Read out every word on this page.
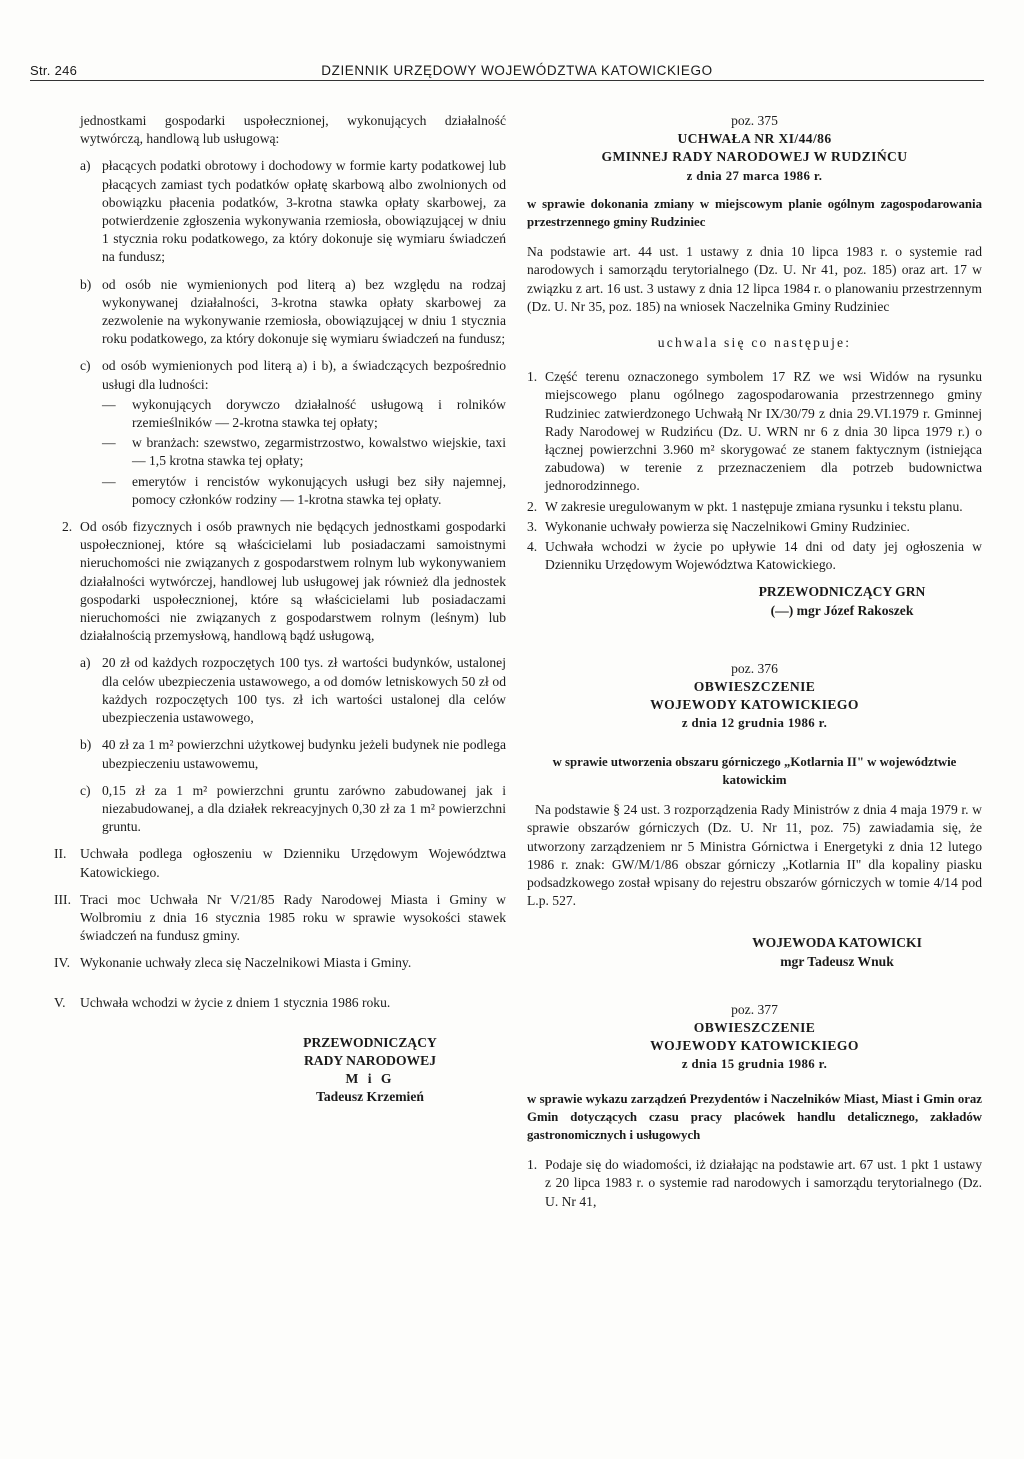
Str. 246	DZIENNIK URZĘDOWY WOJEWÓDZTWA KATOWICKIEGO

jednostkami gospodarki uspołecznionej, wykonujących działalność wytwórczą, handlową lub usługową:

a) płacących podatki obrotowy i dochodowy w formie karty podatkowej lub płacących zamiast tych podatków opłatę skarbową albo zwolnionych od obowiązku płacenia podatków, 3-krotna stawka opłaty skarbowej, za potwierdzenie zgłoszenia wykonywania rzemiosła, obowiązującej w dniu 1 stycznia roku podatkowego, za który dokonuje się wymiaru świadczeń na fundusz;
b) od osób nie wymienionych pod literą a) bez względu na rodzaj wykonywanej działalności, 3-krotna stawka opłaty skarbowej za zezwolenie na wykonywanie rzemiosła, obowiązującej w dniu 1 stycznia roku podatkowego, za który dokonuje się wymiaru świadczeń na fundusz;
c) od osób wymienionych pod literą a) i b), a świadczących bezpośrednio usługi dla ludności:
—	wykonujących dorywczo działalność usługową i rolników rzemieślników — 2-krotna stawka tej opłaty;
—	w branżach: szewstwo, zegarmistrzostwo, kowalstwo wiejskie, taxi — 1,5 krotna stawka tej opłaty;
—	emerytów i rencistów wykonujących usługi bez siły najemnej, pomocy członków rodziny — 1-krotna stawka tej opłaty.
2. Od osób fizycznych i osób prawnych nie będących jednostkami gospodarki uspołecznionej, które są właścicielami lub posiadaczami samoistnymi nieruchomości nie związanych z gospodarstwem rolnym lub wykonywaniem działalności wytwórczej, handlowej lub usługowej jak również dla jednostek gospodarki uspołecznionej, które są właścicielami lub posiadaczami nieruchomości nie związanych z gospodarstwem rolnym (leśnym) lub działalnością przemysłową, handlową bądź usługową,
a) 20 zł od każdych rozpoczętych 100 tys. zł wartości budynków, ustalonej dla celów ubezpieczenia ustawowego, a od domów letniskowych 50 zł od każdych rozpoczętych 100 tys. zł ich wartości ustalonej dla celów ubezpieczenia ustawowego,
b) 40 zł za 1 m² powierzchni użytkowej budynku jeżeli budynek nie podlega ubezpieczeniu ustawowemu,
c) 0,15 zł za 1 m² powierzchni gruntu zarówno zabudowanej jak i niezabudowanej, a dla działek rekreacyjnych 0,30 zł za 1 m² powierzchni gruntu.
II. Uchwała podlega ogłoszeniu w Dzienniku Urzędowym Województwa Katowickiego.
III. Traci moc Uchwała Nr V/21/85 Rady Narodowej Miasta i Gminy w Wolbromiu z dnia 16 stycznia 1985 roku w sprawie wysokości stawek świadczeń na fundusz gminy.
IV. Wykonanie uchwały zleca się Naczelnikowi Miasta i Gminy.
V.	Uchwała wchodzi w życie z dniem 1 stycznia 1986 roku.

PRZEWODNICZĄCY

RADY NARODOWEJ

M i G

Tadeusz Krzemień

poz. 375

UCHWAŁA NR XI/44/86

GMINNEJ RADY NARODOWEJ W RUDZIŃCU

z dnia 27 marca 1986 r.

w sprawie dokonania zmiany w miejscowym planie ogólnym zagospodarowania przestrzennego gminy Rudziniec

Na podstawie art. 44 ust. 1 ustawy z dnia 10 lipca 1983 r. o systemie rad narodowych i samorządu terytorialnego (Dz. U. Nr 41, poz. 185) oraz art. 17 w związku z art. 16 ust. 3 ustawy z dnia 12 lipca 1984 r. o planowaniu przestrzennym (Dz. U. Nr 35, poz. 185) na wniosek Naczelnika Gminy Rudziniec

uchwala się co następuje:

1. Część terenu oznaczonego symbolem 17 RZ we wsi Widów na rysunku miejscowego planu ogólnego zagospodarowania przestrzennego gminy Rudziniec zatwierdzonego Uchwałą Nr IX/30/79 z dnia 29.VI.1979 r. Gminnej Rady Narodowej w Rudzińcu (Dz. U. WRN nr 6 z dnia 30 lipca 1979 r.) o łącznej powierzchni 3.960 m² skorygować ze stanem faktycznym (istniejąca zabudowa) w terenie z przeznaczeniem dla potrzeb budownictwa jednorodzinnego.
2. W zakresie uregulowanym w pkt. 1 następuje zmiana rysunku i tekstu planu.
3. Wykonanie uchwały powierza się Naczelnikowi Gminy Rudziniec.
4. Uchwała wchodzi w życie po upływie 14 dni od daty jej ogłoszenia w Dzienniku Urzędowym Województwa Katowickiego.

PRZEWODNICZĄCY GRN

(—) mgr Józef Rakoszek

poz. 376

OBWIESZCZENIE

WOJEWODY KATOWICKIEGO

z dnia 12 grudnia 1986 r.

w sprawie utworzenia obszaru górniczego „Kotlarnia II" w województwie katowickim

Na podstawie § 24 ust. 3 rozporządzenia Rady Ministrów z dnia 4 maja 1979 r. w sprawie obszarów górniczych (Dz. U. Nr 11, poz. 75) zawiadamia się, że utworzony zarządzeniem nr 5 Ministra Górnictwa i Energetyki z dnia 12 lutego 1986 r. znak: GW/M/1/86 obszar górniczy „Kotlarnia II" dla kopaliny piasku podsadzkowego został wpisany do rejestru obszarów górniczych w tomie 4/14 pod L.p. 527.

WOJEWODA KATOWICKI

mgr Tadeusz Wnuk

poz. 377

OBWIESZCZENIE

WOJEWODY KATOWICKIEGO

z dnia 15 grudnia 1986 r.

w sprawie wykazu zarządzeń Prezydentów i Naczelników Miast, Miast i Gmin oraz Gmin dotyczących czasu pracy placówek handlu detalicznego, zakładów gastronomicznych i usługowych

1. Podaje się do wiadomości, iż działając na podstawie art. 67 ust. 1 pkt 1 ustawy z 20 lipca 1983 r. o systemie rad narodowych i samorządu terytorialnego (Dz. U. Nr 41,
